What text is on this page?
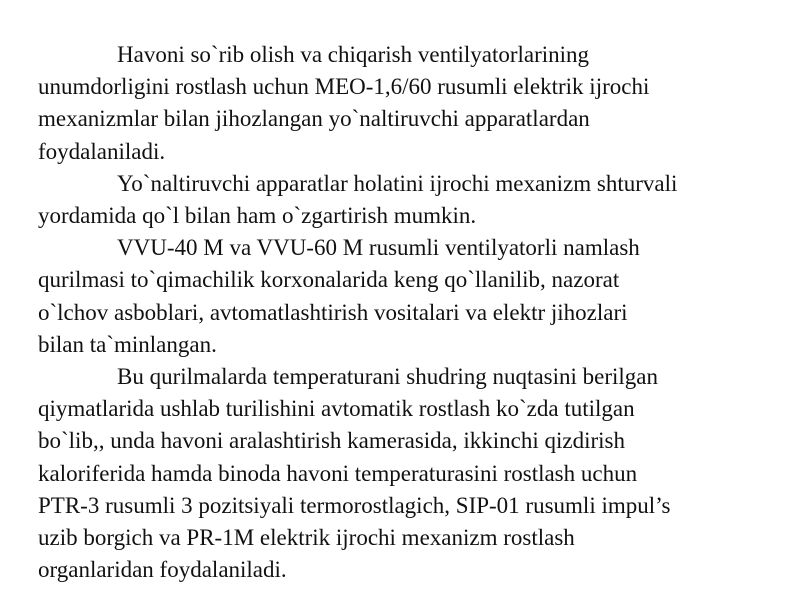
Havoni so`rib olish va chiqarish ventilyatorlarining
unumdorligini rostlash uchun MEO-1,6/60 rusumli elektrik ijrochi
mexanizmlar bilan jihozlangan yo`naltiruvchi apparatlardan
foydalaniladi.

Yo`naltiruvchi apparatlar holatini ijrochi mexanizm shturvali
yordamida qo`l bilan ham o`zgartirish mumkin.

VVU-40 M va VVU-60 M rusumli ventilyatorli namlash
qurilmasi to`qimachilik korxonalarida keng qo`llanilib, nazorat
o`lchov asboblari, avtomatlashtirish vositalari va elektr jihozlari
bilan ta`minlangan.

Bu qurilmalarda temperaturani shudring nuqtasini berilgan
qiymatlarida ushlab turilishini avtomatik rostlash ko`zda tutilgan
bo`lib,, unda havoni aralashtirish kamerasida, ikkinchi qizdirish
kaloriferida hamda binoda havoni temperaturasini rostlash uchun
PTR-3 rusumli 3 pozitsiyali termorostlagich, SIP-01 rusumli impul’s
uzib borgich va PR-1M elektrik ijrochi mexanizm rostlash
organlaridan foydalaniladi.
